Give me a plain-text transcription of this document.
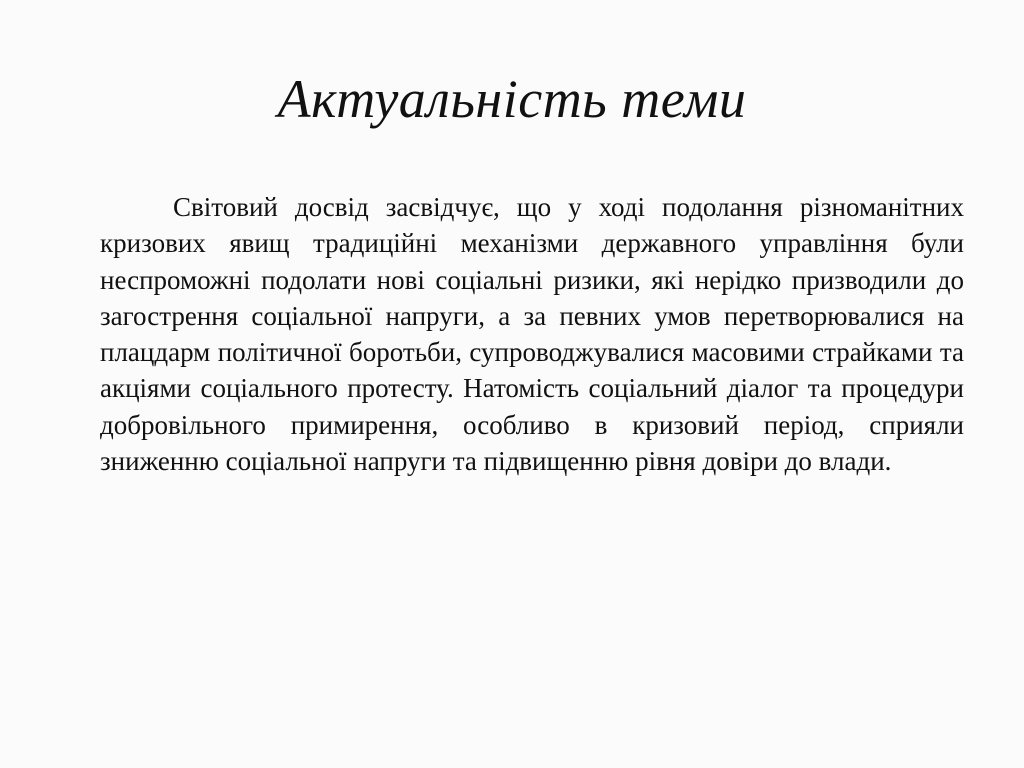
Актуальність теми

Світовий досвід засвідчує, що у ході подолання різноманітних кризових явищ традиційні механізми державного управління були неспроможні подолати нові соціальні ризики, які нерідко призводили до загострення соціальної напруги, а за певних умов перетворювалися на плацдарм політичної боротьби, супроводжувалися масовими страйками та акціями соціального протесту. Натомість соціальний діалог та процедури добровільного примирення, особливо в кризовий період, сприяли зниженню соціальної напруги та підвищенню рівня довіри до влади.
